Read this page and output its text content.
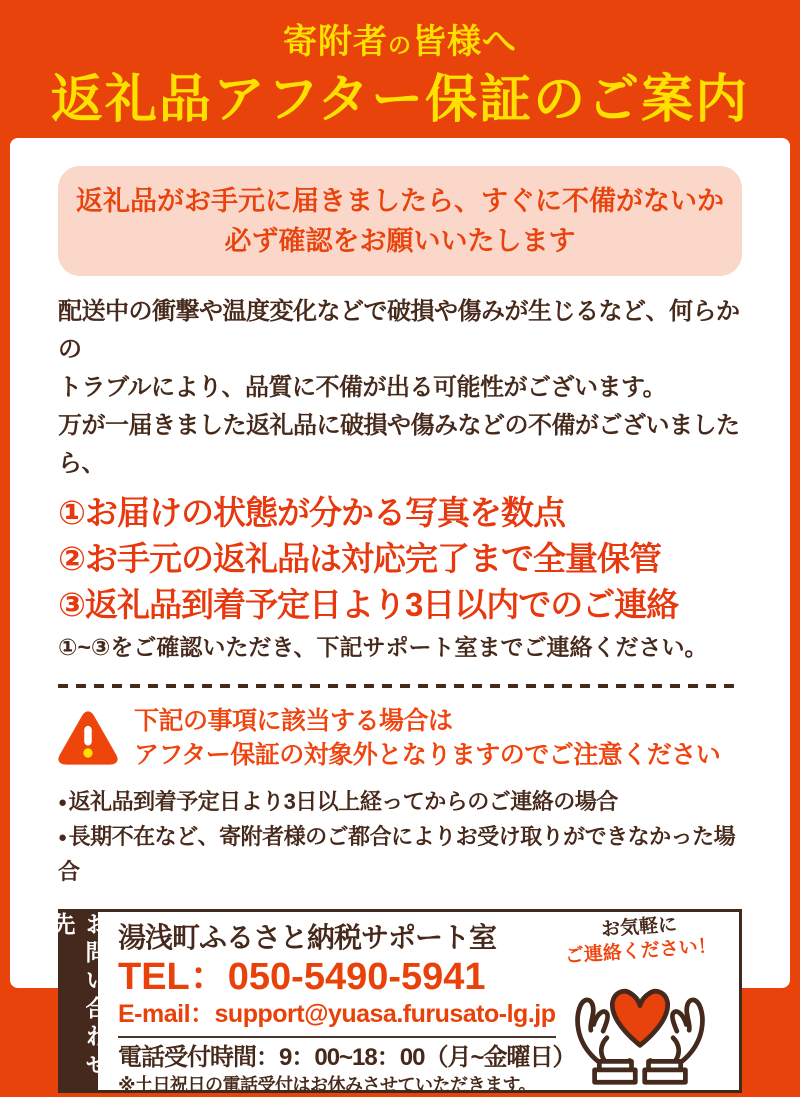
寄附者の皆様へ
返礼品アフター保証のご案内
返礼品がお手元に届きましたら、すぐに不備がないか
必ず確認をお願いいたします
配送中の衝撃や温度変化などで破損や傷みが生じるなど、何らかの
トラブルにより、品質に不備が出る可能性がございます。
万が一届きました返礼品に破損や傷みなどの不備がございましたら、
①お届けの状態が分かる写真を数点
②お手元の返礼品は対応完了まで全量保管
③返礼品到着予定日より3日以内でのご連絡
①~③をご確認いただき、下記サポート室までご連絡ください。
下記の事項に該当する場合は
アフター保証の対象外となりますのでご注意ください
●返礼品到着予定日より3日以上経ってからのご連絡の場合
●長期不在など、寄附者様のご都合によりお受け取りができなかった場合
お問い合わせ先	湯浅町ふるさと納税サポート室
TEL：050-5490-5941
E-mail：support@yuasa.furusato-lg.jp
電話受付時間：9：00~18：00（月~金曜日）
※土日祝日の電話受付はお休みさせていただきます。
お気軽に
ご連絡ください！
